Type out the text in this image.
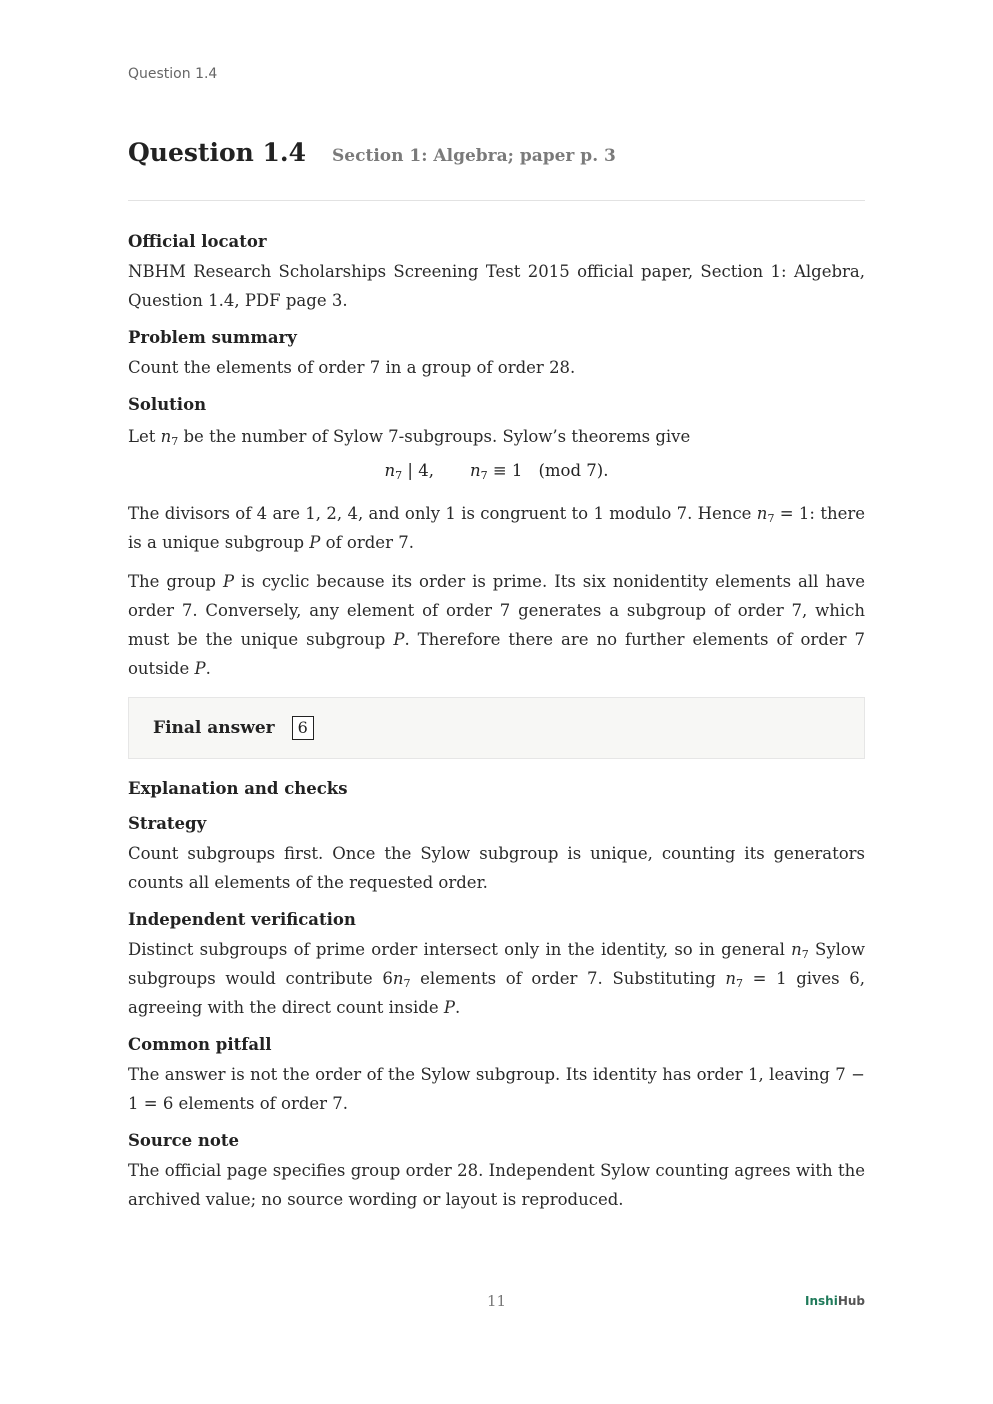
Question 1.4
Question 1.4 Section 1: Algebra; paper p. 3
Official locator

NBHM Research Scholarships Screening Test 2015 official paper, Section 1: Algebra, Question 1.4, PDF page 3.

Problem summary

Count the elements of order 7 in a group of order 28.

Solution

Let $n_7$ be the number of Sylow 7-subgroups. Sylow’s theorems give

$n_7$ | 4, $n_7 \equiv 1$ (mod 7).

The divisors of 4 are 1, 2, 4, and only 1 is congruent to 1 modulo 7. Hence $n_7 = 1$: there is a unique subgroup P of order 7.

The group P is cyclic because its order is prime. Its six nonidentity elements all have order 7. Conversely, any element of order 7 generates a subgroup of order 7, which must be the unique subgroup P. Therefore there are no further elements of order 7 outside P.

Final answer	6
Explanation and checks
Strategy

Count subgroups first. Once the Sylow subgroup is unique, counting its generators counts all elements of the requested order.

Independent verification

Distinct subgroups of prime order intersect only in the identity, so in general $n_7$ Sylow subgroups would contribute $6n_7$ elements of order 7. Substituting $n_7 = 1$ gives 6, agreeing with the direct count inside P.

Common pitfall

The answer is not the order of the Sylow subgroup. Its identity has order 1, leaving 7 − 1 = 6 elements of order 7.

Source note

The official page specifies group order 28. Independent Sylow counting agrees with the archived value; no source wording or layout is reproduced.

11	InshiHub
